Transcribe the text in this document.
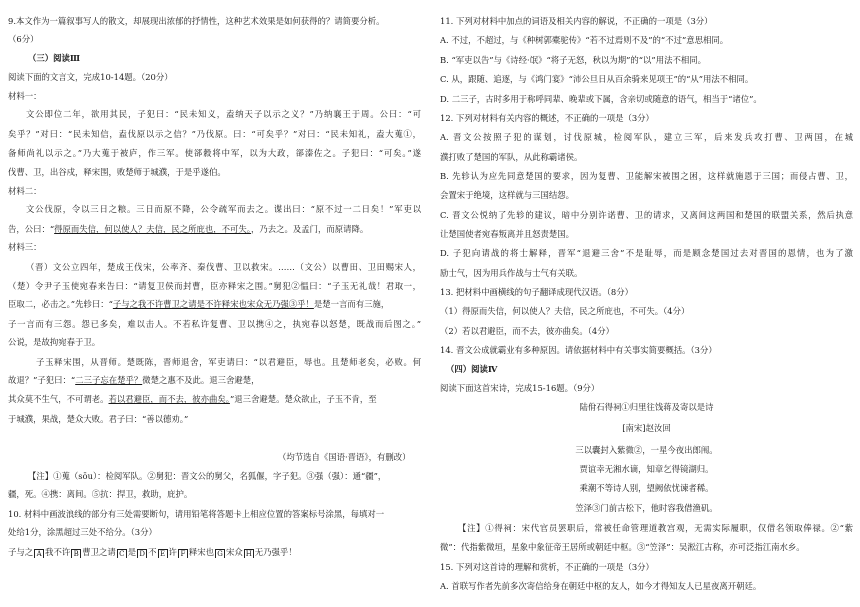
9.本文作为一篇叙事写人的散文，却展现出浓郁的抒情性，这种艺术效果是如何获得的？请简要分析。
（6分）
（三）阅读Ⅲ
阅读下面的文言文，完成10-14题。（20分）
材料一：
文公即位二年，欲用其民，子犯曰：“民未知义，盍纳天子以示之义？”乃纳襄王于周。公曰：“可
矣乎？”对曰：“民未知信，盍伐原以示之信？”乃伐原。曰：“可矣乎？”对曰：“民未知礼，盍大蒐①，
备师尚礼以示之。”乃大蒐于被庐，作三军。使郤縠将中军，以为大政，郤溱佐之。子犯曰：“可矣。”遂
伐曹、卫，出谷戍，释宋围，败楚师于城濮，于是乎遂伯。
材料二：
文公伐原，令以三日之粮。三日而原不降，公令疏军而去之。谍出曰：“原不过一二日矣！”军吏以
告，公曰：“得原而失信，何以使人？夫信，民之所庇也，不可失。，乃去之。及孟门，而原请降。
材料三：
（晋）文公立四年，楚成王伐宋，公率齐、秦伐曹、卫以救宋。……（文公）以曹田、卫田赐宋人，
（楚）令尹子玉使宛春来告曰：“请复卫侯而封曹，臣亦释宋之围。”舅犯②愠曰：“子玉无礼哉！君取一，
臣取二，必击之。”先轸曰：“子与之我不许曹卫之请是不许释宋也宋众无乃强③乎！是楚一言而有三施，
子一言而有三怨。怨已多矣，难以击人。不若私许复曹、卫以携④之，执宛春以怒楚，既战而后图之。”
公说，是故拘宛春于卫。
子玉释宋围，从晋师。楚既陈，晋师退舍，军吏请曰：“以君避臣，辱也。且楚师老矣，必败。何
故退？”子犯曰：“二三子忘在楚乎？微楚之惠不及此。退三舍避楚，
其众莫不生气，不可谓老。若以君避臣，而不去，彼亦曲矣。”退三舍避楚。楚众欲止，子玉不肯，至
于城濮，果战，楚众大败。君子曰：“善以德劝。”
（均节选自《国语·晋语》，有删改）
【注】①蒐（sōu）：检阅军队。②舅犯：晋文公的舅父，名狐偃，字子犯。③强（强）：通“疆”，
疆，死。④携：离间。⑤抗：捍卫，救助，庇护。
10. 材料中画波浪线的部分有三处需要断句，请用铅笔将答题卡上相应位置的答案标号涂黑，每填对一
处给1分，涂黑超过三处不给分。（3分）
子与之 A 我不许 B 曹卫之请 C 是 D 不 E 许 F 释宋也 G 宋众 H 无乃强乎！
11. 下列对材料中加点的词语及相关内容的解说，不正确的一项是（3分）
A. 不过，不超过，与《种树郭橐驼传》“若不过焉则不及”的“不过”意思相同。
B. “军吏以告”与《诗经·氓》“将子无怒，秋以为期”的“以”用法不相同。
C. 从，跟随、追逐，与《鸿门宴》“沛公旦日从百余骑来见项王”的“从”用法不相同。
D. 二三子，古时多用于称呼同辈、晚辈或下属，含亲切或随意的语气，相当于“诸位”。
12. 下列对材料有关内容的概述，不正确的一项是（3分）
A. 晋文公按照子犯的谋划，讨伐原城，检阅军队，建立三军，后来发兵攻打曹、卫两国，在城
濮打败了楚国的军队，从此称霸诸侯。
B. 先轸认为应先同意楚国的要求，因为复曹、卫能解宋被围之困，这样就施恩于三国；而侵占曹、卫，
会置宋于绝境，这样就与三国结怨。
C. 晋文公悦纳了先轸的建议，暗中分别许诺曹、卫的请求，又离间这两国和楚国的联盟关系，然后执意
让楚国使者宛春叛离并且怒责楚国。
D. 子犯向请战的将士解释，晋军“退避三舍”不是耻辱，而是顾念楚国过去对晋国的恩情，也为了激
励士气，因为用兵作战与士气有关联。
13. 把材料中画横线的句子翻译成现代汉语。（8分）
（1）得原而失信，何以使人？夫信，民之所庇也，不可失。（4分）
（2）若以君避臣，而不去，彼亦曲矣。（4分）
14. 晋文公成就霸业有多种原因。请依据材料中有关事实简要概括。（3分）
（四）阅读Ⅳ
阅读下面这首宋诗，完成15-16题。（9分）
陆佾石得祠①归里往饯蒋及寄以是诗
[南宋]赵汝回
三以囊封入紫微②，一星今夜出郎闱。
贾谊幸无湘水谪，知章乞得镜湖归。
乘潮不等诗人别，望阙依忧谏者稀。
笠泽③门前古松下，他时容我借渔矶。
【注】①得祠：宋代官员罢职后，常被任命管理道教宫观，无需实际履职，仅借名领取俸禄。②“紫
微”：代指紫微垣，星象中象征帝王居所或朝廷中枢。③“笠泽”：吴淞江古称，亦可泛指江南水乡。
15. 下列对这首诗的理解和赏析，不正确的一项是（3分）
A. 首联写作者先前多次寄信给身在朝廷中枢的友人，如今才得知友人已星夜离开朝廷。
